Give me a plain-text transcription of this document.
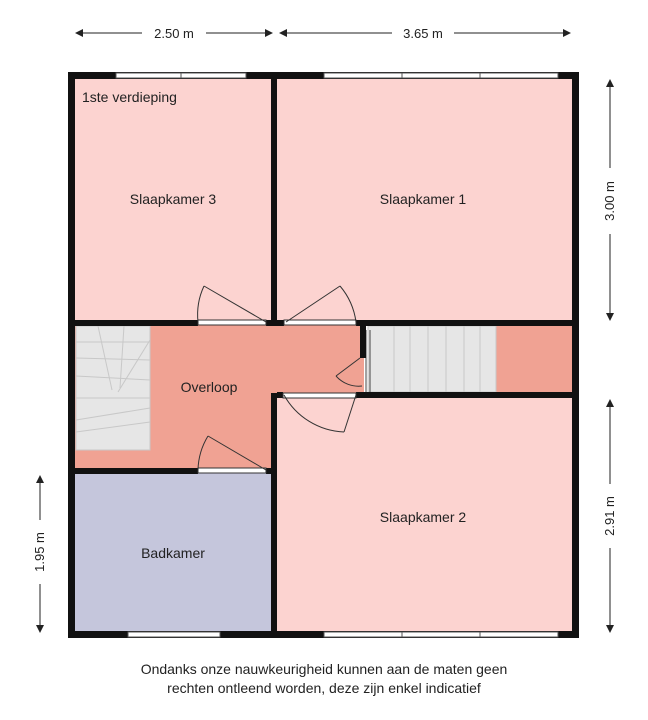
2.50 m	3.65 m
3.00 m
2.91 m
1.95 m
1ste verdieping
Slaapkamer 3	Slaapkamer 1
Overloop
Badkamer
Slaapkamer 2
Ondanks onze nauwkeurigheid kunnen aan de maten geen
rechten ontleend worden, deze zijn enkel indicatief
